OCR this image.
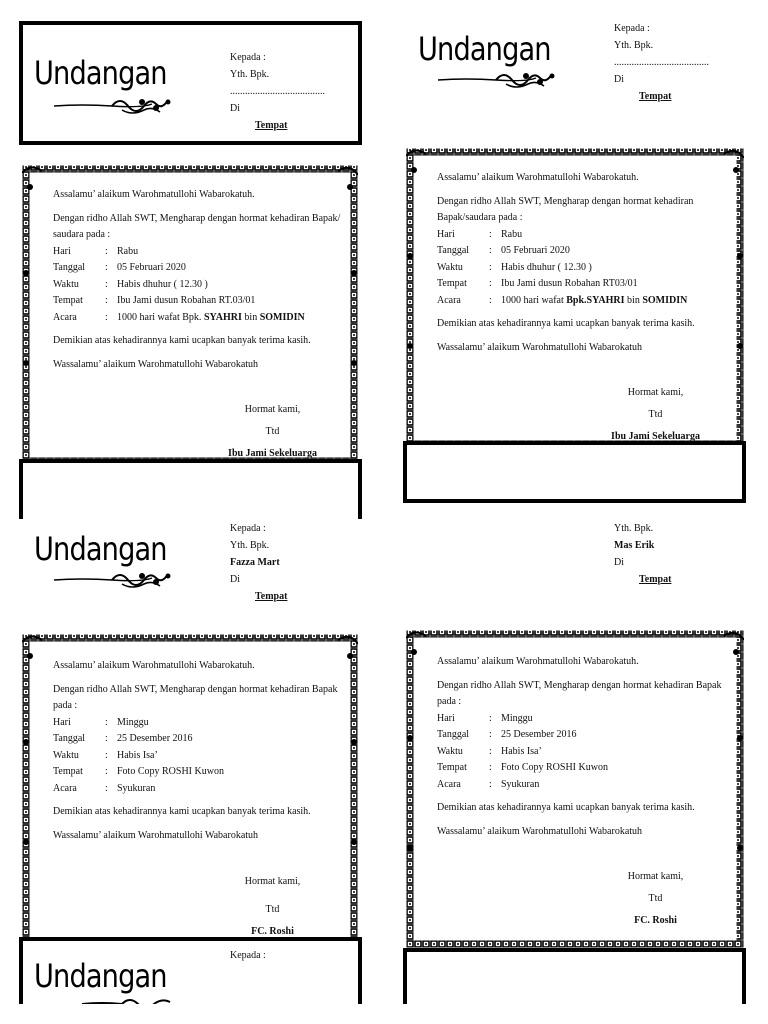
Undangan	Kepada :
Yth. Bpk.
......................................
Di
Tempat

Assalamu’ alaikum Warohmatullohi Wabarokatuh.

Dengan ridho Allah SWT, Mengharap dengan hormat kehadiran Bapak/

saudara pada :

Hari	: Rabu
Tanggal	: 05 Februari 2020
Waktu	: Habis dhuhur ( 12.30 )
Tempat	: Ibu Jami dusun Robahan RT.03/01
Acara	: 1000 hari wafat Bpk. SYAHRI bin SOMIDIN

Demikian atas kehadirannya kami ucapkan banyak terima kasih.

Wassalamu’ alaikum Warohmatullohi Wabarokatuh

Hormat kami,
Ttd
Ibu Jami Sekeluarga
Undangan
Kepada :
Yth. Bpk.
......................................
Di
Tempat

Assalamu’ alaikum Warohmatullohi Wabarokatuh.

Dengan ridho Allah SWT, Mengharap dengan hormat kehadiran

Bapak/saudara pada :

Hari	: Rabu
Tanggal	: 05 Februari 2020
Waktu	: Habis dhuhur ( 12.30 )
Tempat	: Ibu Jami dusun Robahan RT03/01
Acara	: 1000 hari wafat Bpk.SYAHRI bin SOMIDIN

Demikian atas kehadirannya kami ucapkan banyak terima kasih.

Wassalamu’ alaikum Warohmatullohi Wabarokatuh

Hormat kami,
Ttd
Ibu Jami Sekeluarga
Undangan
Kepada :
Yth. Bpk.
Fazza Mart
Di
Tempat

Assalamu’ alaikum Warohmatullohi Wabarokatuh.

Dengan ridho Allah SWT, Mengharap dengan hormat kehadiran Bapak

pada :

Hari	: Minggu
Tanggal	: 25 Desember 2016
Waktu	: Habis Isa’
Tempat	: Foto Copy ROSHI Kuwon
Acara	: Syukuran

Demikian atas kehadirannya kami ucapkan banyak terima kasih.

Wassalamu’ alaikum Warohmatullohi Wabarokatuh

Hormat kami,
Ttd
FC. Roshi
Yth. Bpk.
Mas Erik
Di
Tempat

Assalamu’ alaikum Warohmatullohi Wabarokatuh.

Dengan ridho Allah SWT, Mengharap dengan hormat kehadiran Bapak

pada :

Hari	: Minggu
Tanggal	: 25 Desember 2016
Waktu	: Habis Isa’
Tempat	: Foto Copy ROSHI Kuwon
Acara	: Syukuran

Demikian atas kehadirannya kami ucapkan banyak terima kasih.

Wassalamu’ alaikum Warohmatullohi Wabarokatuh

Hormat kami,
Ttd
FC. Roshi
Undangan
Kepada :
